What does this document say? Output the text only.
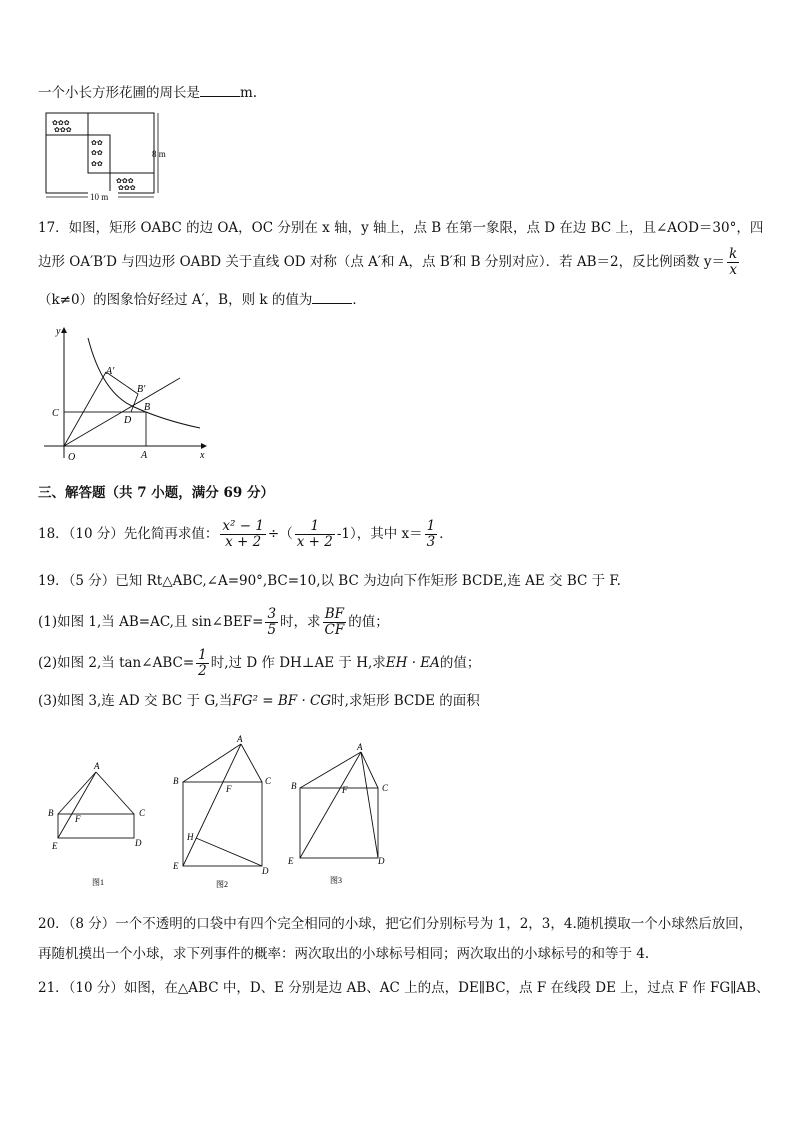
一个小长方形花圃的周长是	m.
✿✿✿
✿✿✿
✿✿
✿✿
✿✿
✿✿✿
✿✿✿
8 m
10 m
17．如图，矩形 OABC 的边 OA，OC 分别在 x 轴，y 轴上，点 B 在第一象限，点 D 在边 BC 上，且∠AOD＝30°，四
边形 OA′B′D 与四边形 OABD 关于直线 OD 对称（点 A′和 A，点 B′和 B 分别对应）．若 AB＝2，反比例函数 $y= \frac{k}{x}$
（k≠0）的图象恰好经过 A′，B，则 k 的值为	．
y
x
O
C
A
B
D
A′
B′
三、解答题（共 7 小题，满分 69 分）
18．（10 分）先化简再求值： $\frac{\text{x² − 1}}{x + 2}$ ÷（ $\frac{1}{x + 2} -1$），其中 $x= \frac{1}{3}$ ．
19．（5 分）已知 Rt△ABC,∠A=90°,BC=10,以 BC 为边向下作矩形 BCDE,连 AE 交 BC 于 F.
(1)如图 1,当 AB=AC,且 sin∠BEF= $\frac{3}{5}$ 时，求 $\frac{BF}{CF}$ 的值；
(2)如图 2,当 tan∠ABC= $\frac{1}{2}$ 时,过 D 作 DH⊥AE 于 H,求EH · EA的值；
(3)如图 3,连 AD 交 BC 于 G,当FG² = BF · CG时,求矩形 BCDE 的面积
A
B	C
D
E
F
图1
A
B	C
F
H
E	D
图2
A
B	C
F
E	D
图3
20．（8 分）一个不透明的口袋中有四个完全相同的小球，把它们分别标号为 1，2，3，4.随机摸取一个小球然后放回，
再随机摸出一个小球，求下列事件的概率：两次取出的小球标号相同；两次取出的小球标号的和等于 4.
21．（10 分）如图，在△ABC 中，D、E 分别是边 AB、AC 上的点，DE∥BC，点 F 在线段 DE 上，过点 F 作 FG∥AB、
